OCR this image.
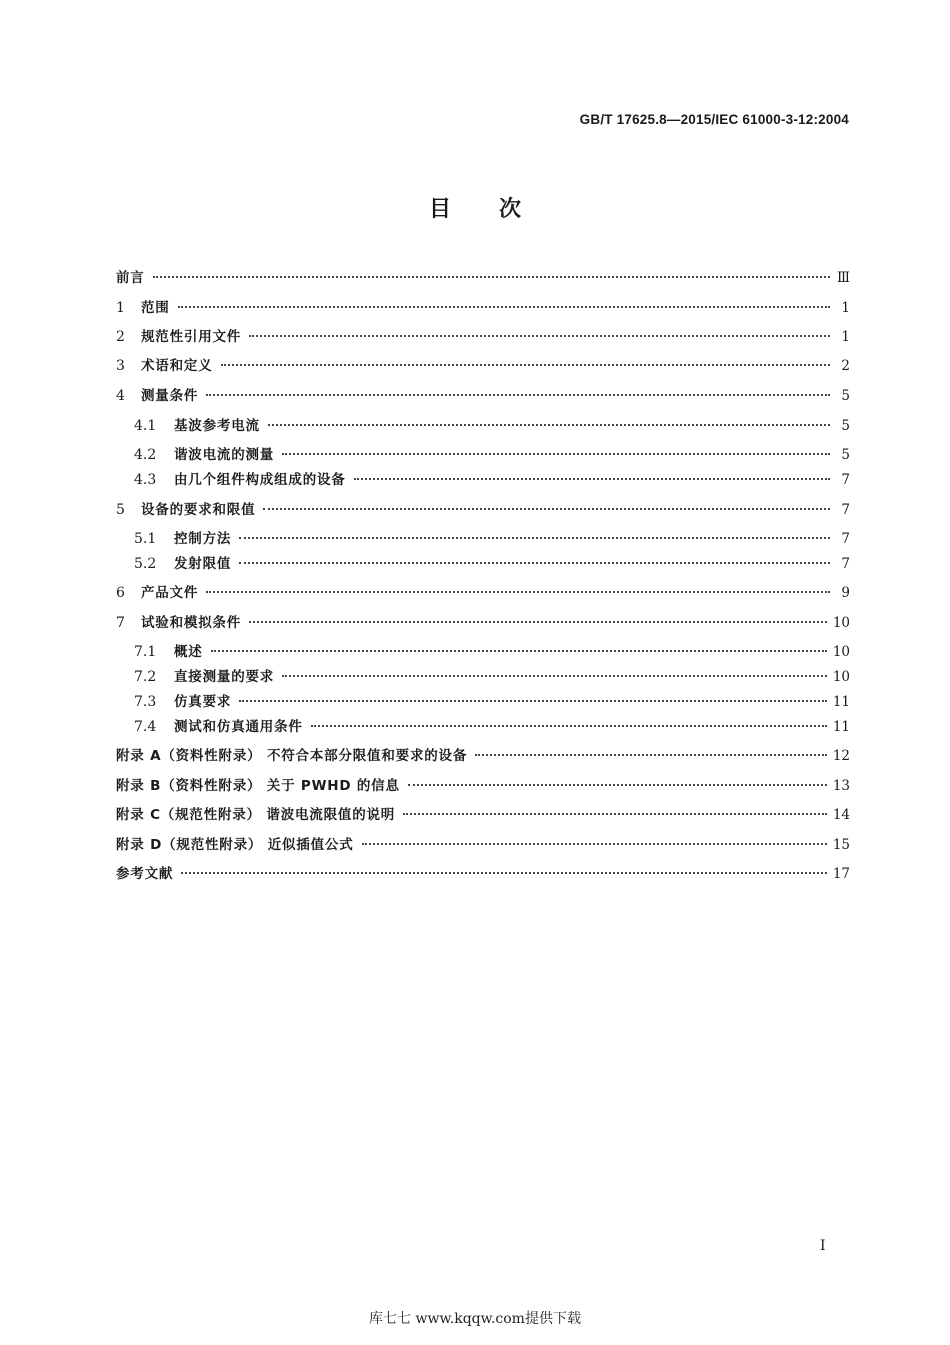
GB/T 17625.8—2015/IEC 61000-3-12:2004
目次
前言	Ⅲ
1	范围	1
2	规范性引用文件	1
3	术语和定义	2
4	测量条件	5
4.1	基波参考电流	5
4.2	谐波电流的测量	5
4.3	由几个组件构成组成的设备	7
5	设备的要求和限值	7
5.1	控制方法	7
5.2	发射限值	7
6	产品文件	9
7	试验和模拟条件	10
7.1	概述	10
7.2	直接测量的要求	10
7.3	仿真要求	11
7.4	测试和仿真通用条件	11
附录 A（资料性附录） 不符合本部分限值和要求的设备	12
附录 B（资料性附录） 关于 PWHD 的信息	13
附录 C（规范性附录） 谐波电流限值的说明	14
附录 D（规范性附录） 近似插值公式	15
参考文献	17
I
库七七 www.kqqw.com提供下载
